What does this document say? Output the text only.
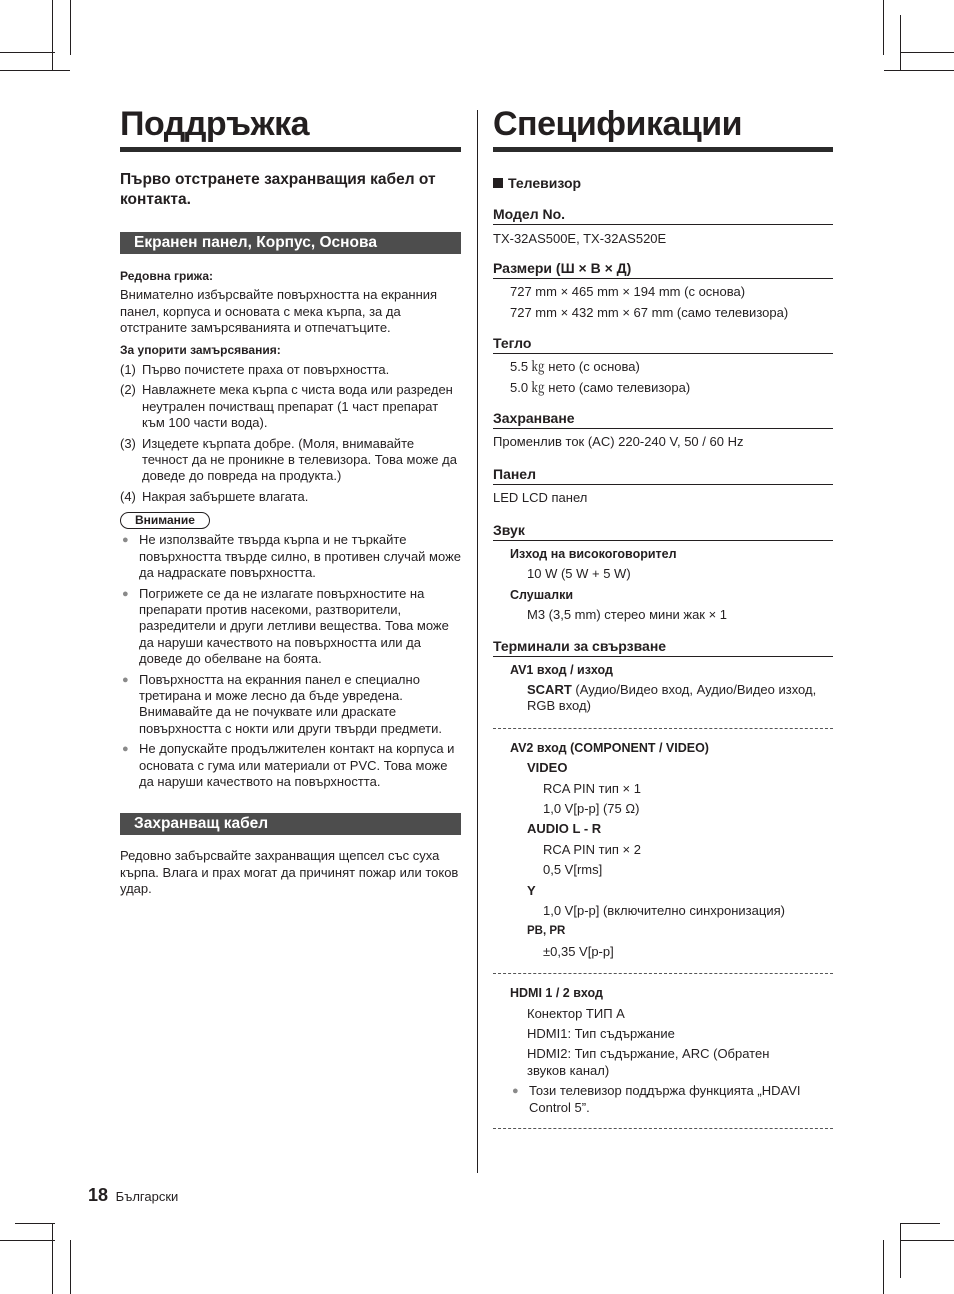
Поддръжка
Първо отстранете захранващия кабел от контакта.
Екранен панел, Корпус, Основа
Редовна грижа:

Внимателно избърсвайте повърхността на екранния панел, корпуса и основата с мека кърпа, за да отстраните замърсяванията и отпечатъците.

За упорити замърсявания:
(1) Първо почистете праха от повърхността.
(2) Навлажнете мека кърпа с чиста вода или разреден неутрален почистващ препарат (1 част препарат към 100 части вода).
(3) Изцедете кърпата добре. (Моля, внимавайте течност да не проникне в телевизора. Това може да доведе до повреда на продукта.)
(4) Накрая забършете влагата.
Внимание
● Не използвайте твърда кърпа и не търкайте повърхността твърде силно, в противен случай може да надраскате повърхността.
● Погрижете се да не излагате повърхностите на препарати против насекоми, разтворители, разредители и други летливи вещества. Това може да наруши качеството на повърхността или да доведе до обелване на боята.
● Повърхността на екранния панел е специално третирана и може лесно да бъде увредена. Внимавайте да не почуквате или драскате повърхността с нокти или други твърди предмети.
● Не допускайте продължителен контакт на корпуса и основата с гума или материали от PVC. Това може да наруши качеството на повърхността.
Захранващ кабел

Редовно забърсвайте захранващия щепсел със суха кърпа. Влага и прах могат да причинят пожар или токов удар.

Спецификации
Телевизор
Модел No.
TX-32AS500E, TX-32AS520E
Размери (Ш × В × Д)
727 mm × 465 mm × 194 mm (с основа)
727 mm × 432 mm × 67 mm (само телевизора)
Тегло
5.5 ㎏ нето (с основа)
5.0 ㎏ нето (само телевизора)
Захранване
Променлив ток (AC) 220-240 V, 50 / 60 Hz
Панел
LED LCD панел
Звук
Изход на високоговорител
10 W (5 W + 5 W)
Слушалки
M3 (3,5 mm) стерео мини жак × 1
Терминали за свързване
AV1 вход / изход
SCART (Аудио/Видео вход, Аудио/Видео изход, RGB вход)
AV2 вход (COMPONENT / VIDEO)
VIDEO
RCA PIN тип × 1
1,0 V[p-p] (75 Ω)
AUDIO L - R
RCA PIN тип × 2
0,5 V[rms]
Y
1,0 V[p-p] (включително синхронизация)
PB, PR
±0,35 V[p-p]
HDMI 1 / 2 вход
Конектор ТИП A
HDMI1: Тип съдържание
HDMI2: Тип съдържание, ARC (Обратен звуков канал)
● Този телевизор поддържа функцията „HDAVI Control 5”.
18 Български
